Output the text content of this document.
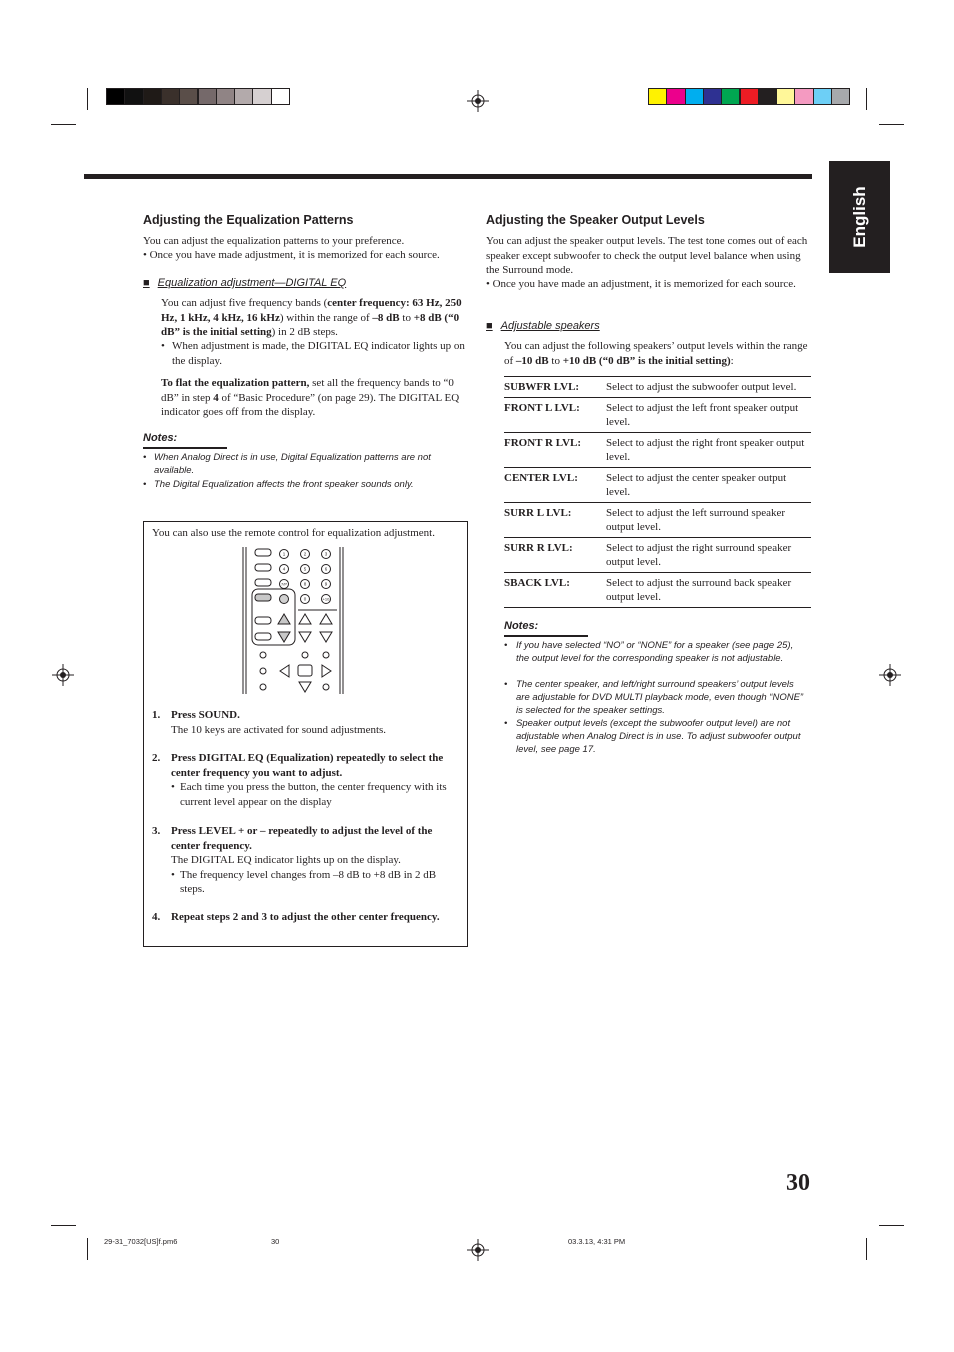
English
Adjusting the Equalization Patterns
You can adjust the equalization patterns to your preference.
• Once you have made adjustment, it is memorized for each source.
■ Equalization adjustment—DIGITAL EQ
You can adjust five frequency bands (center frequency: 63 Hz, 250 Hz, 1 kHz, 4 kHz, 16 kHz) within the range of –8 dB to +8 dB (“0 dB” is the initial setting) in 2 dB steps.
• When adjustment is made, the DIGITAL EQ indicator lights up on the display.
To flat the equalization pattern, set all the frequency bands to “0 dB” in step 4 of “Basic Procedure” (on page 29). The DIGITAL EQ indicator goes off from the display.
Notes:
• When Analog Direct is in use, Digital Equalization patterns are not available.
• The Digital Equalization affects the front speaker sounds only.
You can also use the remote control for equalization adjustment.
1	2	3
4	5	6
7/P	8	9
0	+10
1. Press SOUND.
The 10 keys are activated for sound adjustments.
2. Press DIGITAL EQ (Equalization) repeatedly to select the center frequency you want to adjust.
• Each time you press the button, the center frequency with its current level appear on the display
3. Press LEVEL + or – repeatedly to adjust the level of the center frequency.
The DIGITAL EQ indicator lights up on the display.
• The frequency level changes from –8 dB to +8 dB in 2 dB steps.
4. Repeat steps 2 and 3 to adjust the other center frequency.
Adjusting the Speaker Output Levels
You can adjust the speaker output levels. The test tone comes out of each speaker except subwoofer to check the output level balance when using the Surround mode.
• Once you have made an adjustment, it is memorized for each source.
■ Adjustable speakers
You can adjust the following speakers’ output levels within the range of –10 dB to +10 dB (“0 dB” is the initial setting):
SUBWFR LVL:	Select to adjust the subwoofer output level.
FRONT L LVL:	Select to adjust the left front speaker output level.
FRONT R LVL:	Select to adjust the right front speaker output level.
CENTER LVL:	Select to adjust the center speaker output level.
SURR L LVL:	Select to adjust the left surround speaker output level.
SURR R LVL:	Select to adjust the right surround speaker output level.
SBACK LVL:	Select to adjust the surround back speaker output level.
Notes:
• If you have selected “NO” or “NONE” for a speaker (see page 25), the output level for the corresponding speaker is not adjustable.
• The center speaker, and left/right surround speakers’ output levels are adjustable for DVD MULTI playback mode, even though “NONE” is selected for the speaker settings.
• Speaker output levels (except the subwoofer output level) are not adjustable when Analog Direct is in use. To adjust subwoofer output level, see page 17.
30
29-31_7032[US]f.pm6	30	03.3.13, 4:31 PM
